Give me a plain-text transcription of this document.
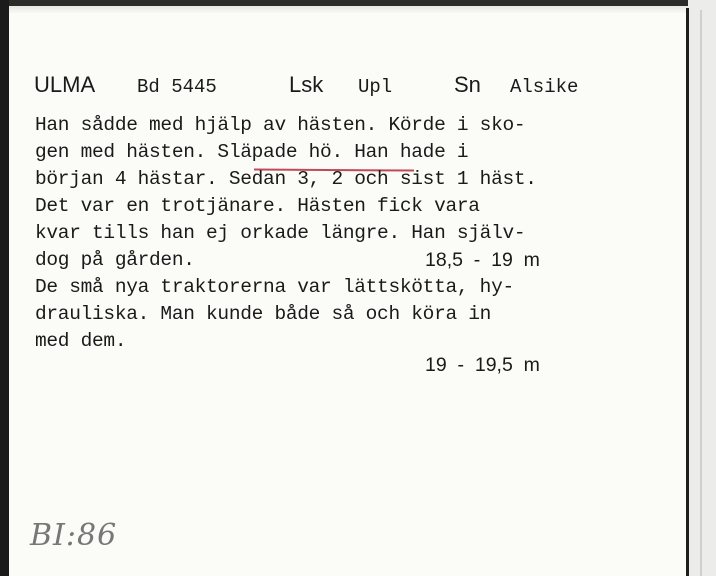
ULMA Bd 5445	Lsk Upl	Sn Alsike
Han sådde med hjälp av hästen. Körde i sko-
gen med hästen. Släpade hö. Han hade i
början 4 hästar. Sedan 3, 2 och sist 1 häst.
Det var en trotjänare. Hästen fick vara
kvar tills han ej orkade längre. Han själv-
dog på gården.	18,5  -  19  m
De små nya traktorerna var lättskötta, hy-
drauliska. Man kunde både så och köra in
med dem.
19  -  19,5  m
BI:86
